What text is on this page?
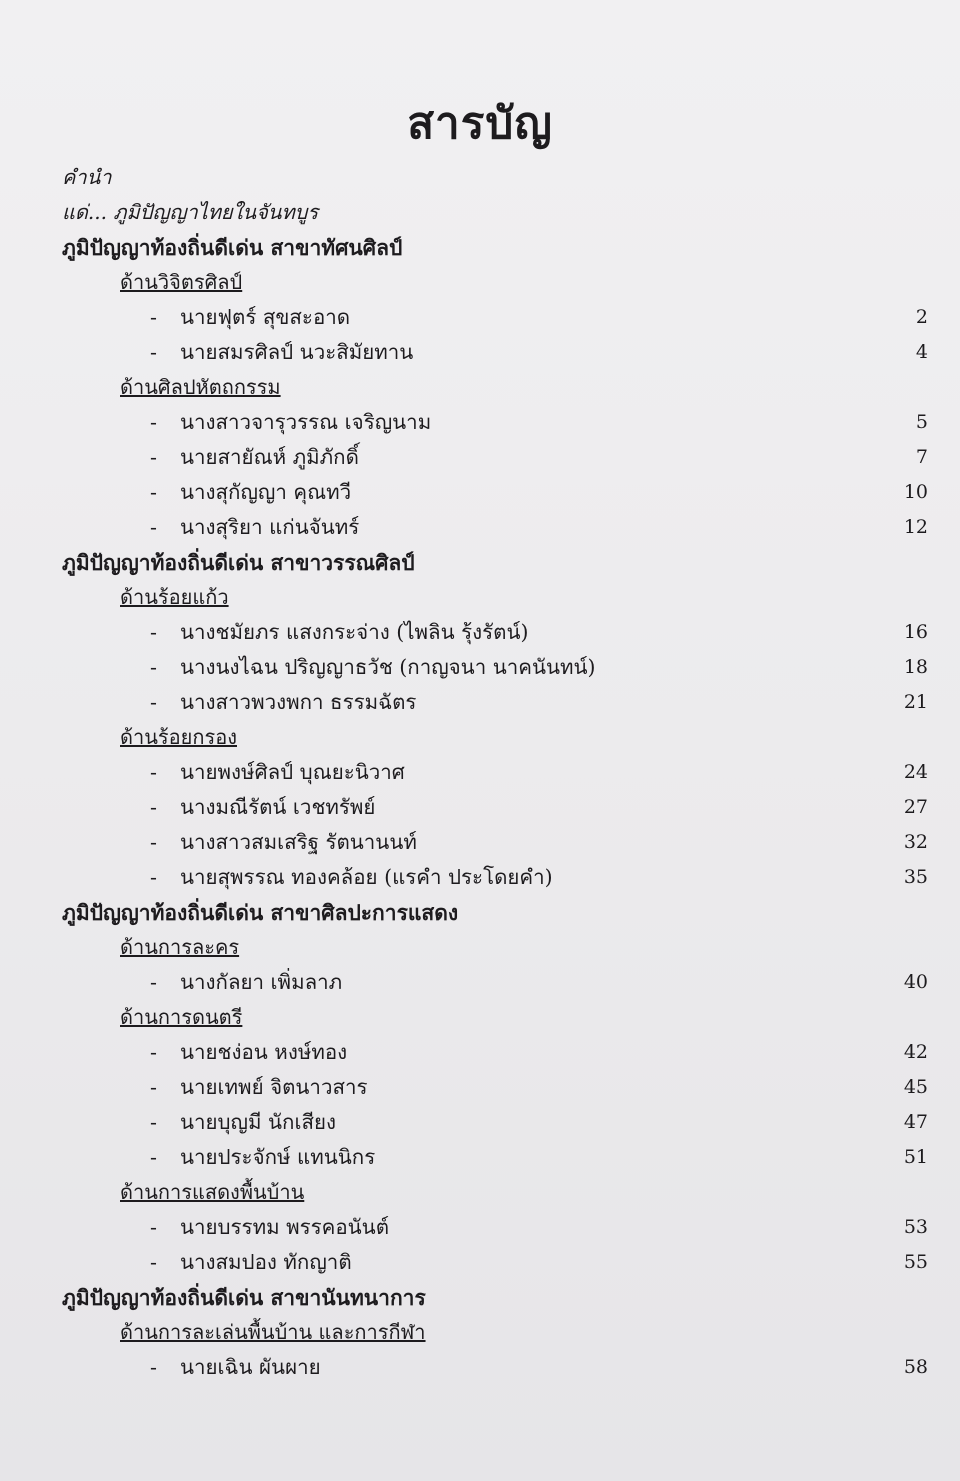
สารบัญ
คำนำ
แด่... ภูมิปัญญาไทยในจันทบูร
ภูมิปัญญาท้องถิ่นดีเด่น สาขาทัศนศิลป์
ด้านวิจิตรศิลป์
- นายฟุตร์ สุขสะอาด	2
- นายสมรศิลป์ นวะสิมัยทาน	4
ด้านศิลปหัตถกรรม
- นางสาวจารุวรรณ เจริญนาม	5
- นายสายัณห์ ภูมิภักดิ์	7
- นางสุกัญญา คุณทวี	10
- นางสุริยา แก่นจันทร์	12
ภูมิปัญญาท้องถิ่นดีเด่น สาขาวรรณศิลป์
ด้านร้อยแก้ว
- นางชมัยภร แสงกระจ่าง (ไพลิน รุ้งรัตน์)	16
- นางนงไฉน ปริญญาธวัช (กาญจนา นาคนันทน์)	18
- นางสาวพวงพกา ธรรมฉัตร	21
ด้านร้อยกรอง
- นายพงษ์ศิลป์ บุณยะนิวาศ	24
- นางมณีรัตน์ เวชทรัพย์	27
- นางสาวสมเสริฐ รัตนานนท์	32
- นายสุพรรณ ทองคล้อย (แรคำ ประโดยคำ)	35
ภูมิปัญญาท้องถิ่นดีเด่น สาขาศิลปะการแสดง
ด้านการละคร
- นางกัลยา เพิ่มลาภ	40
ด้านการดนตรี
- นายชง่อน หงษ์ทอง	42
- นายเทพย์ จิตนาวสาร	45
- นายบุญมี นักเสียง	47
- นายประจักษ์ แทนนิกร	51
ด้านการแสดงพื้นบ้าน
- นายบรรทม พรรคอนันต์	53
- นางสมปอง ทักญาติ	55
ภูมิปัญญาท้องถิ่นดีเด่น สาขานันทนาการ
ด้านการละเล่นพื้นบ้าน และการกีฬา
- นายเฉิน ผันผาย	58
